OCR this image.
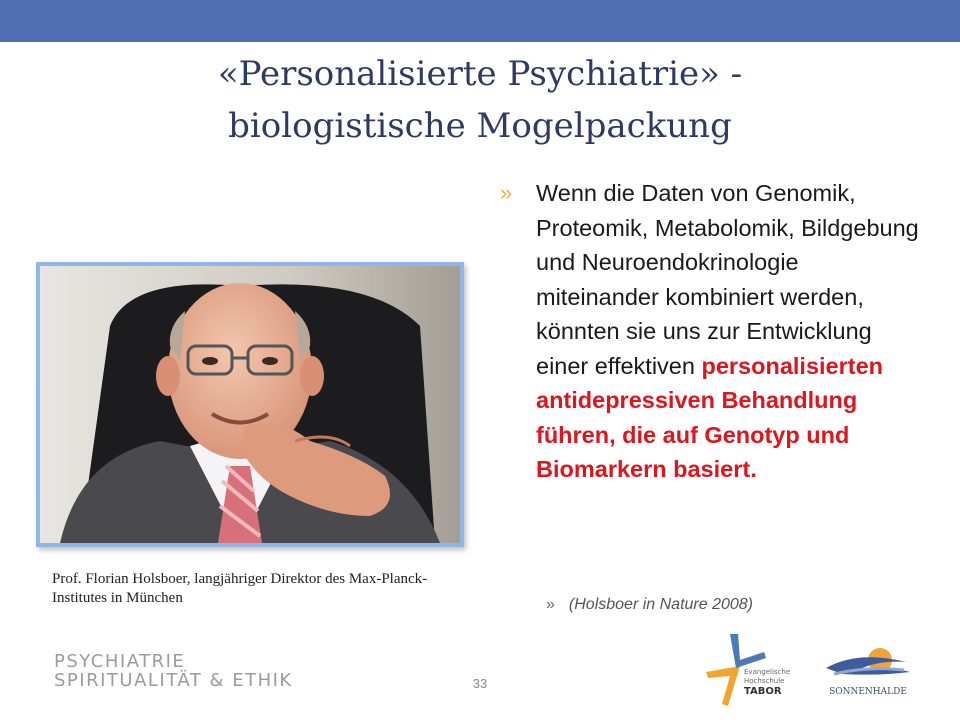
«Personalisierte Psychiatrie» -
biologistische Mogelpackung
Prof. Florian Holsboer, langjähriger Direktor des Max-Planck-Institutes in München
» Wenn die Daten von Genomik, Proteomik, Metabolomik, Bildgebung und Neuroendokrinologie miteinander kombiniert werden, könnten sie uns zur Entwicklung einer effektiven personalisierten antidepressiven Behandlung führen, die auf Genotyp und Biomarkern basiert.
» (Holsboer in Nature 2008)
PSYCHIATRIE
SPIRITUALITÄT & ETHIK	33
Evangelische
Hochschule
TABOR	SONNENHALDE
